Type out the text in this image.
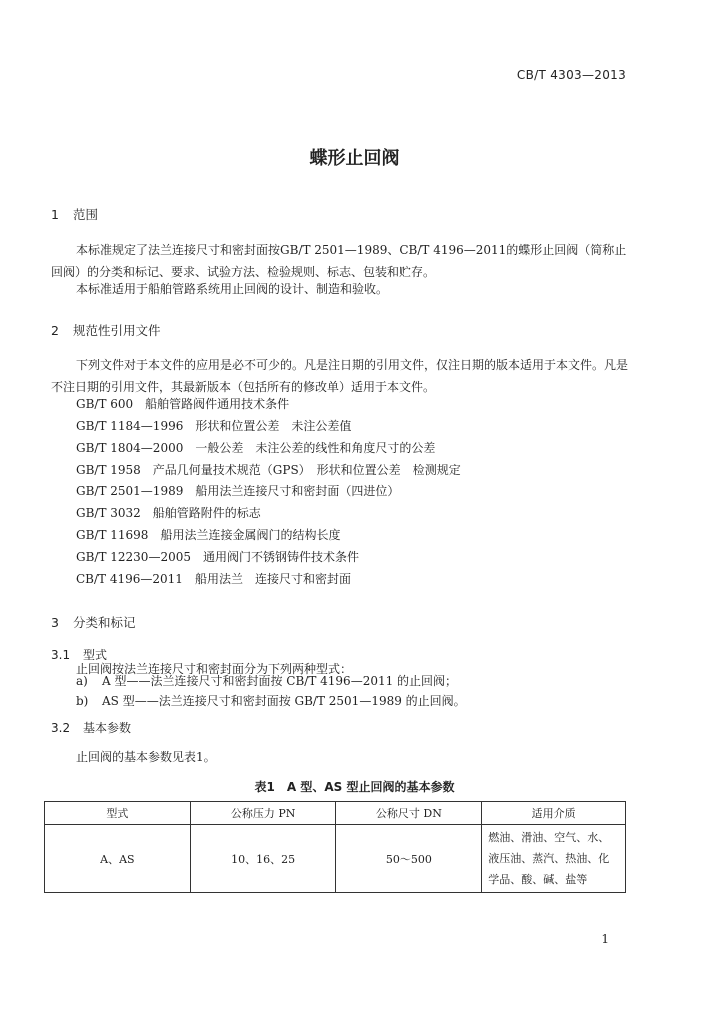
CB/T 4303—2013
蝶形止回阀
1 范围
本标准规定了法兰连接尺寸和密封面按GB/T 2501—1989、CB/T 4196—2011的蝶形止回阀（简称止回阀）的分类和标记、要求、试验方法、检验规则、标志、包装和贮存。
本标准适用于船舶管路系统用止回阀的设计、制造和验收。
2 规范性引用文件
下列文件对于本文件的应用是必不可少的。凡是注日期的引用文件，仅注日期的版本适用于本文件。凡是不注日期的引用文件，其最新版本（包括所有的修改单）适用于本文件。
GB/T 600　船舶管路阀件通用技术条件
GB/T 1184—1996　形状和位置公差　未注公差值
GB/T 1804—2000　一般公差　未注公差的线性和角度尺寸的公差
GB/T 1958　产品几何量技术规范（GPS）　形状和位置公差　检测规定
GB/T 2501—1989　船用法兰连接尺寸和密封面（四进位）
GB/T 3032　船舶管路附件的标志
GB/T 11698　船用法兰连接金属阀门的结构长度
GB/T 12230—2005　通用阀门不锈钢铸件技术条件
CB/T 4196—2011　船用法兰　连接尺寸和密封面
3 分类和标记
3.1 型式
止回阀按法兰连接尺寸和密封面分为下列两种型式：
a) A 型——法兰连接尺寸和密封面按 CB/T 4196—2011 的止回阀；
b) AS 型——法兰连接尺寸和密封面按 GB/T 2501—1989 的止回阀。
3.2 基本参数
止回阀的基本参数见表1。
表1　A 型、AS 型止回阀的基本参数
型式	公称压力 PN	公称尺寸 DN	适用介质
A、AS	10、16、25	50～500	燃油、滑油、空气、水、液压油、蒸汽、热油、化学品、酸、碱、盐等
1
